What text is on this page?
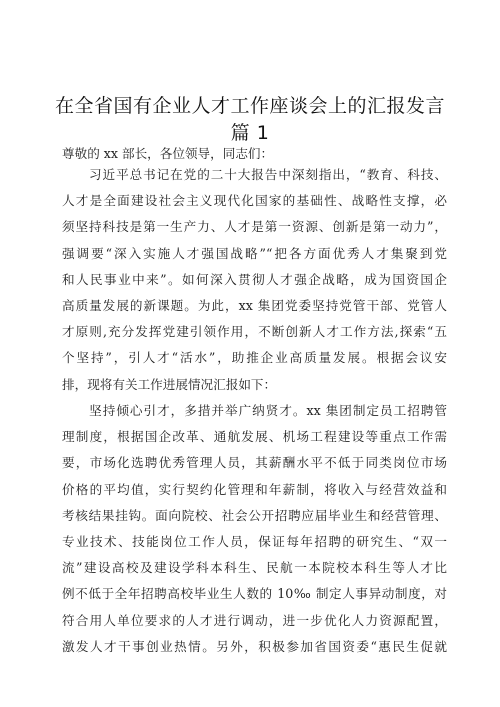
在全省国有企业人才工作座谈会上的汇报发言
篇 1
尊敬的 xx 部长，各位领导，同志们：
　　习近平总书记在党的二十大报告中深刻指出，“教育、科技、
人才是全面建设社会主义现代化国家的基础性、战略性支撑，必
须坚持科技是第一生产力、人才是第一资源、创新是第一动力”，
强调要“深入实施人才强国战略”“把各方面优秀人才集聚到党
和人民事业中来”。如何深入贯彻人才强企战略，成为国资国企
高质量发展的新课题。为此，xx 集团党委坚持党管干部、党管人
才原则,充分发挥党建引领作用，不断创新人才工作方法,探索“五
个坚持”，引人才“活水”，助推企业高质量发展。根据会议安
排，现将有关工作进展情况汇报如下：
　　坚持倾心引才，多措并举广纳贤才。xx 集团制定员工招聘管
理制度，根据国企改革、通航发展、机场工程建设等重点工作需
要，市场化选聘优秀管理人员，其薪酬水平不低于同类岗位市场
价格的平均值，实行契约化管理和年薪制，将收入与经营效益和
考核结果挂钩。面向院校、社会公开招聘应届毕业生和经营管理、
专业技术、技能岗位工作人员，保证每年招聘的研究生、“双一
流”建设高校及建设学科本科生、民航一本院校本科生等人才比
例不低于全年招聘高校毕业生人数的 10‰ 制定人事异动制度，对
符合用人单位要求的人才进行调动，进一步优化人力资源配置，
激发人才干事创业热情。另外，积极参加省国资委“惠民生促就
